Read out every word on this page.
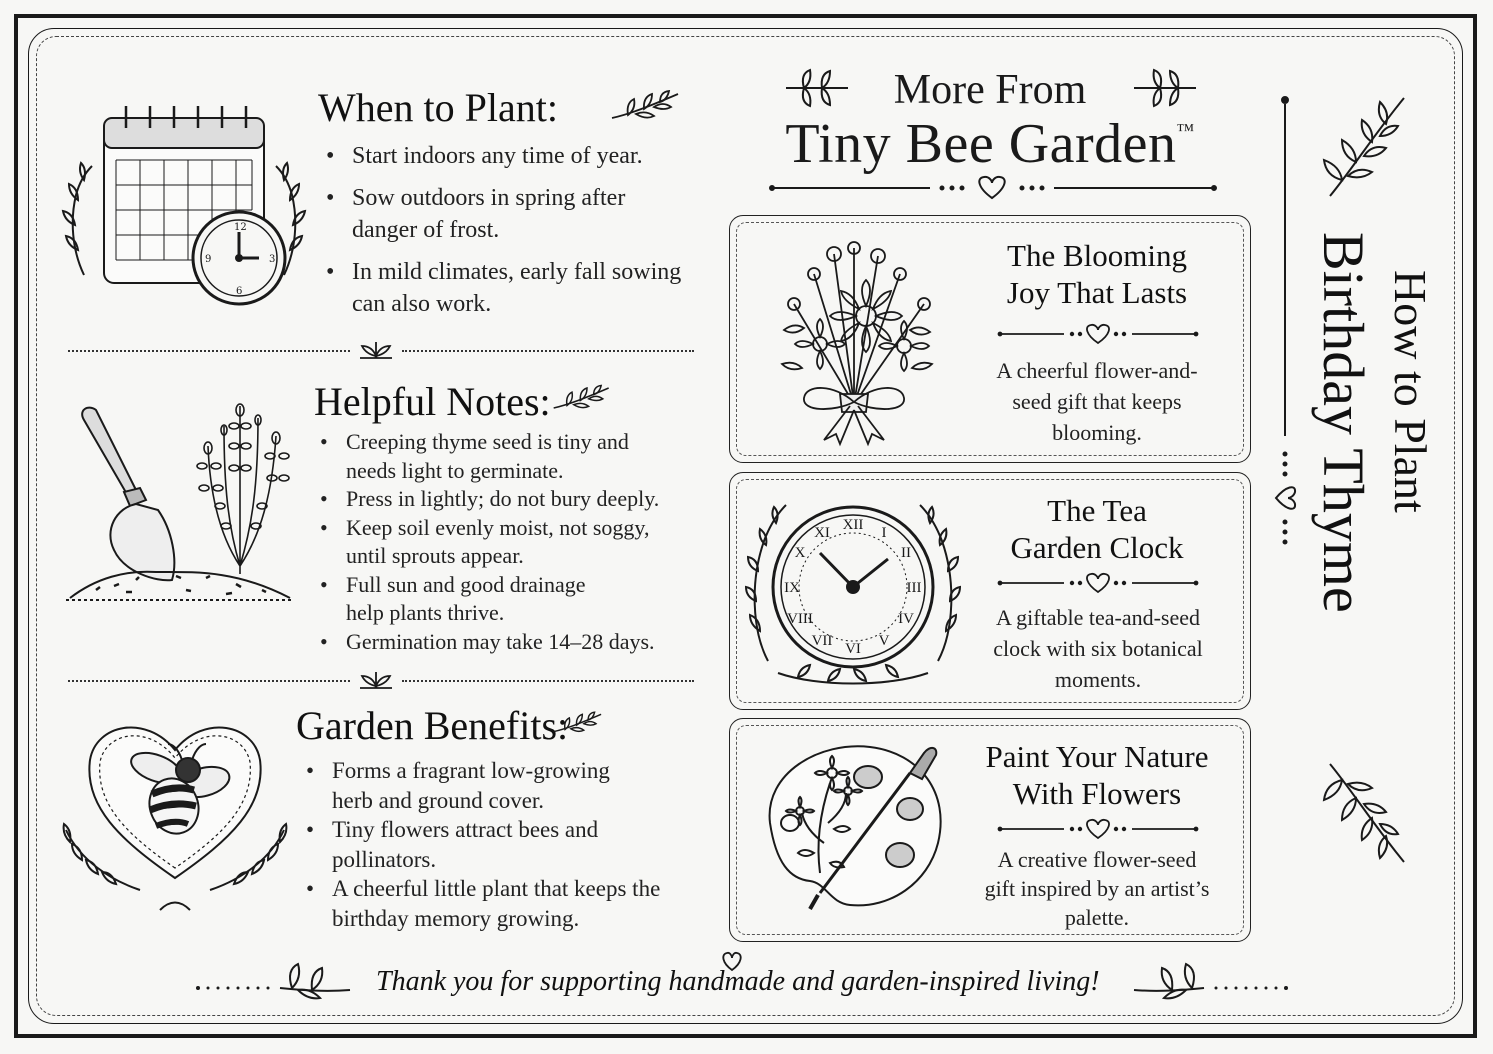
12
3
6
9
When to Plant:
• Start indoors any time of year.
• Sow outdoors in spring after danger of frost.
• In mild climates, early fall sowing can also work.
Helpful Notes:
• Creeping thyme seed is tiny and needs light to germinate.
• Press in lightly; do not bury deeply.
• Keep soil evenly moist, not soggy, until sprouts appear.
• Full sun and good drainage help plants thrive.
• Germination may take 14–28 days.
Garden Benefits:
• Forms a fragrant low-growing herb and ground cover.
• Tiny flowers attract bees and pollinators.
• A cheerful little plant that keeps the birthday memory growing.
More From
Tiny Bee Garden™
The Blooming
Joy That Lasts
A cheerful flower-and-seed gift that keeps blooming.
XII I
II
III
IV
V
VI
VII
VIII
IX
X
XI
The Tea
Garden Clock
A giftable tea-and-seed clock with six botanical moments.
Paint Your Nature
With Flowers
A creative flower-seed gift inspired by an artist’s palette.
How to Plant
Birthday Thyme
Thank you for supporting handmade and garden-inspired living!
